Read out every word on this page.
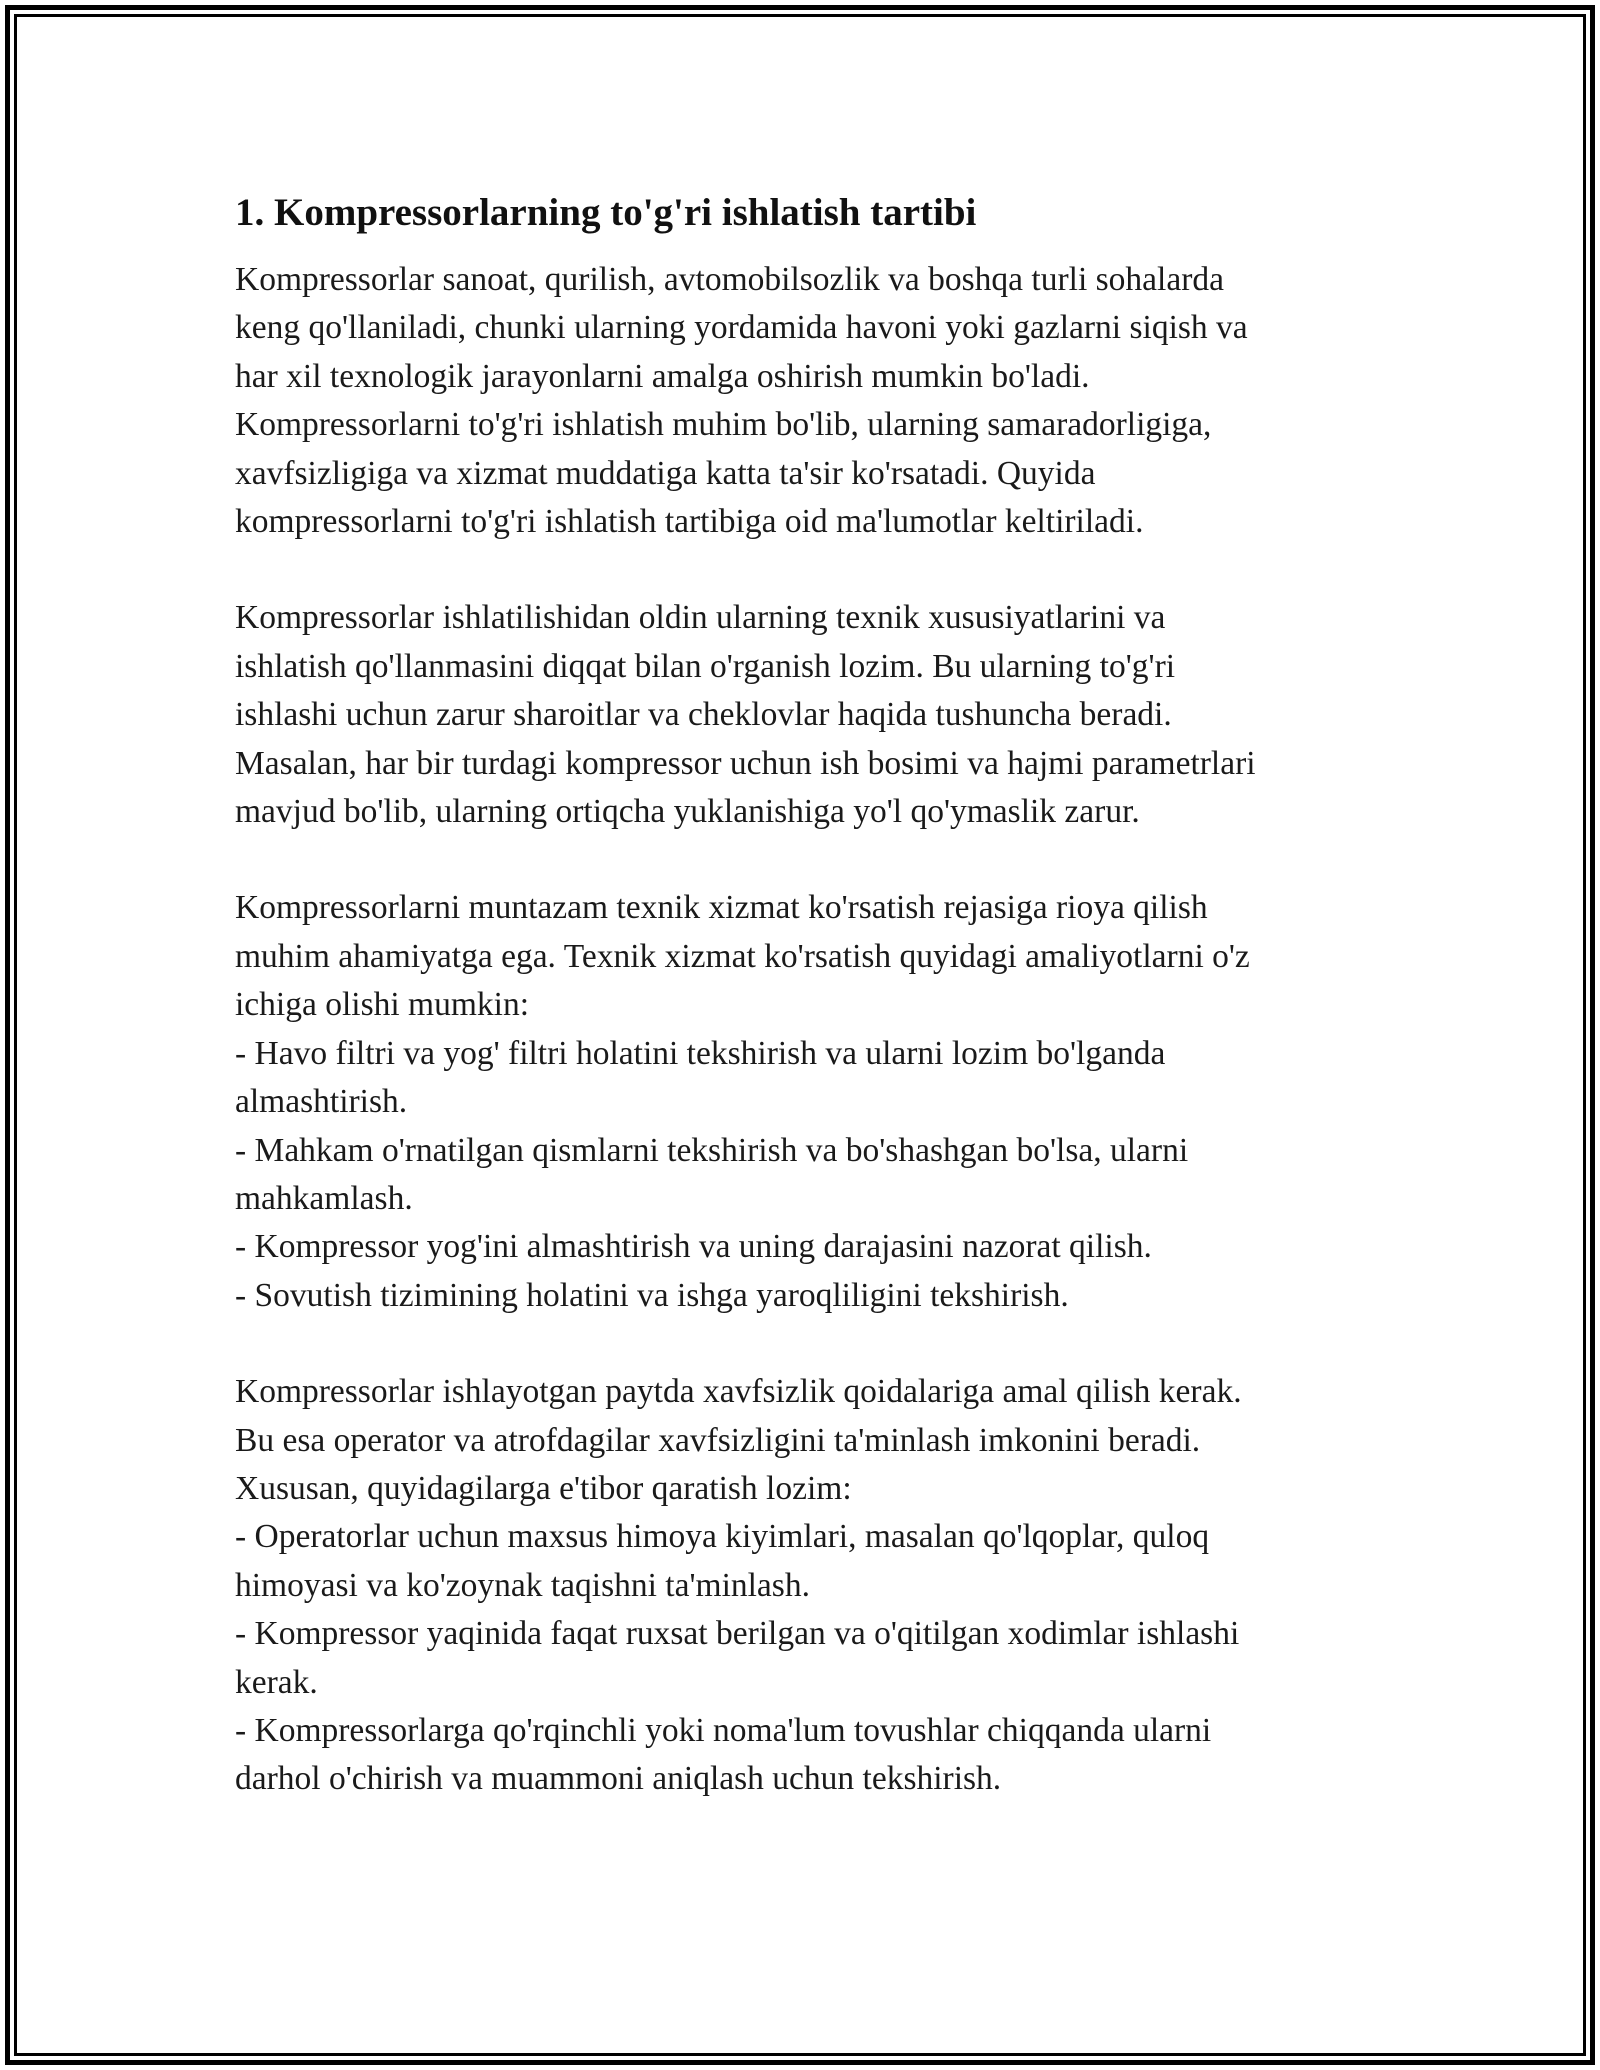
1. Kompressorlarning to'g'ri ishlatish tartibi

Kompressorlar sanoat, qurilish, avtomobilsozlik va boshqa turli sohalarda
keng qo'llaniladi, chunki ularning yordamida havoni yoki gazlarni siqish va
har xil texnologik jarayonlarni amalga oshirish mumkin bo'ladi.
Kompressorlarni to'g'ri ishlatish muhim bo'lib, ularning samaradorligiga,
xavfsizligiga va xizmat muddatiga katta ta'sir ko'rsatadi. Quyida
kompressorlarni to'g'ri ishlatish tartibiga oid ma'lumotlar keltiriladi.

Kompressorlar ishlatilishidan oldin ularning texnik xususiyatlarini va
ishlatish qo'llanmasini diqqat bilan o'rganish lozim. Bu ularning to'g'ri
ishlashi uchun zarur sharoitlar va cheklovlar haqida tushuncha beradi.
Masalan, har bir turdagi kompressor uchun ish bosimi va hajmi parametrlari
mavjud bo'lib, ularning ortiqcha yuklanishiga yo'l qo'ymaslik zarur.

Kompressorlarni muntazam texnik xizmat ko'rsatish rejasiga rioya qilish
muhim ahamiyatga ega. Texnik xizmat ko'rsatish quyidagi amaliyotlarni o'z
ichiga olishi mumkin:
- Havo filtri va yog' filtri holatini tekshirish va ularni lozim bo'lganda
almashtirish.
- Mahkam o'rnatilgan qismlarni tekshirish va bo'shashgan bo'lsa, ularni
mahkamlash.
- Kompressor yog'ini almashtirish va uning darajasini nazorat qilish.
- Sovutish tizimining holatini va ishga yaroqliligini tekshirish.

Kompressorlar ishlayotgan paytda xavfsizlik qoidalariga amal qilish kerak.
Bu esa operator va atrofdagilar xavfsizligini ta'minlash imkonini beradi.
Xususan, quyidagilarga e'tibor qaratish lozim:
- Operatorlar uchun maxsus himoya kiyimlari, masalan qo'lqoplar, quloq
himoyasi va ko'zoynak taqishni ta'minlash.
- Kompressor yaqinida faqat ruxsat berilgan va o'qitilgan xodimlar ishlashi
kerak.
- Kompressorlarga qo'rqinchli yoki noma'lum tovushlar chiqqanda ularni
darhol o'chirish va muammoni aniqlash uchun tekshirish.
